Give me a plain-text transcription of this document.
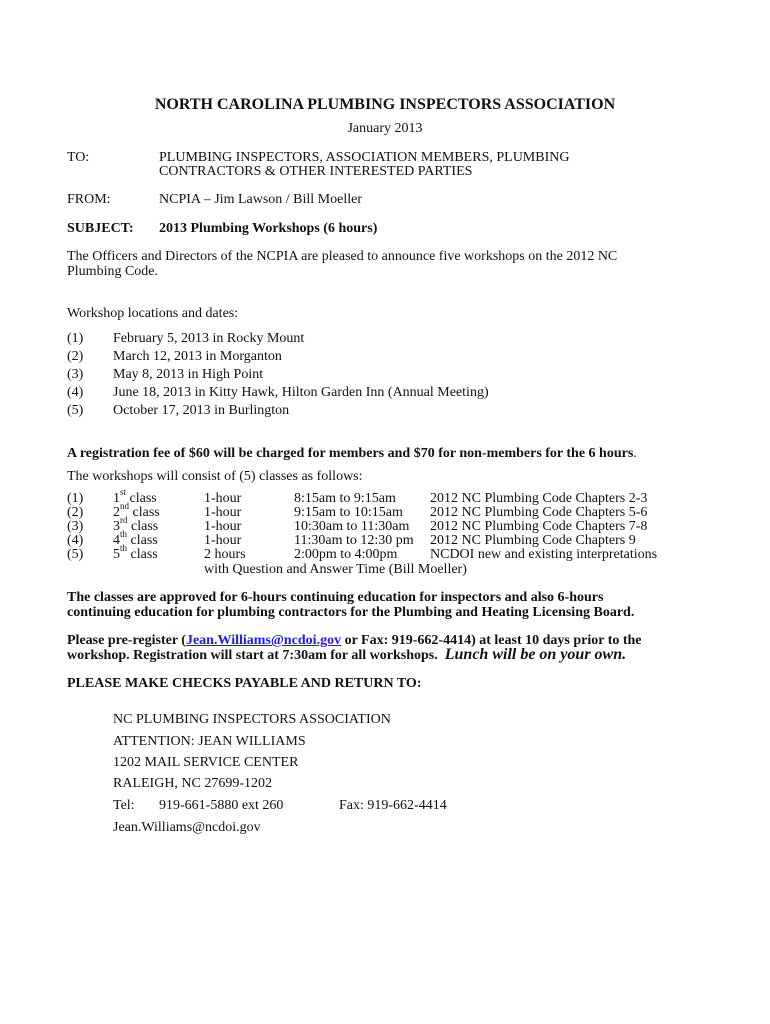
NORTH CAROLINA PLUMBING INSPECTORS ASSOCIATION
January 2013
TO:	PLUMBING INSPECTORS, ASSOCIATION MEMBERS, PLUMBING
CONTRACTORS & OTHER INTERESTED PARTIES
FROM:	NCPIA – Jim Lawson / Bill Moeller
SUBJECT: 2013 Plumbing Workshops (6 hours)
The Officers and Directors of the NCPIA are pleased to announce five workshops on the 2012 NC
Plumbing Code.
Workshop locations and dates:
(1) February 5, 2013 in Rocky Mount
(2) March 12, 2013 in Morganton
(3) May 8, 2013 in High Point
(4) June 18, 2013 in Kitty Hawk, Hilton Garden Inn (Annual Meeting)
(5) October 17, 2013 in Burlington
A registration fee of $60 will be charged for members and $70 for non-members for the 6 hours.
The workshops will consist of (5) classes as follows:
(1) 1st class	1-hour	8:15am to 9:15am 2012 NC Plumbing Code Chapters 2-3
(2) 2nd class	1-hour	9:15am to 10:15am 2012 NC Plumbing Code Chapters 5-6
(3) 3rd class	1-hour	10:30am to 11:30am 2012 NC Plumbing Code Chapters 7-8
(4) 4th class	1-hour	11:30am to 12:30 pm 2012 NC Plumbing Code Chapters 9
(5) 5th class	2 hours	2:00pm to 4:00pm NCDOI new and existing interpretations
with Question and Answer Time (Bill Moeller)
The classes are approved for 6-hours continuing education for inspectors and also 6-hours
continuing education for plumbing contractors for the Plumbing and Heating Licensing Board.
Please pre-register (Jean.Williams@ncdoi.gov or Fax: 919-662-4414) at least 10 days prior to the
workshop. Registration will start at 7:30am for all workshops. Lunch will be on your own.
PLEASE MAKE CHECKS PAYABLE AND RETURN TO:
NC PLUMBING INSPECTORS ASSOCIATION
ATTENTION: JEAN WILLIAMS
1202 MAIL SERVICE CENTER
RALEIGH, NC 27699-1202
Tel: 919-661-5880 ext 260	Fax: 919-662-4414
Jean.Williams@ncdoi.gov
